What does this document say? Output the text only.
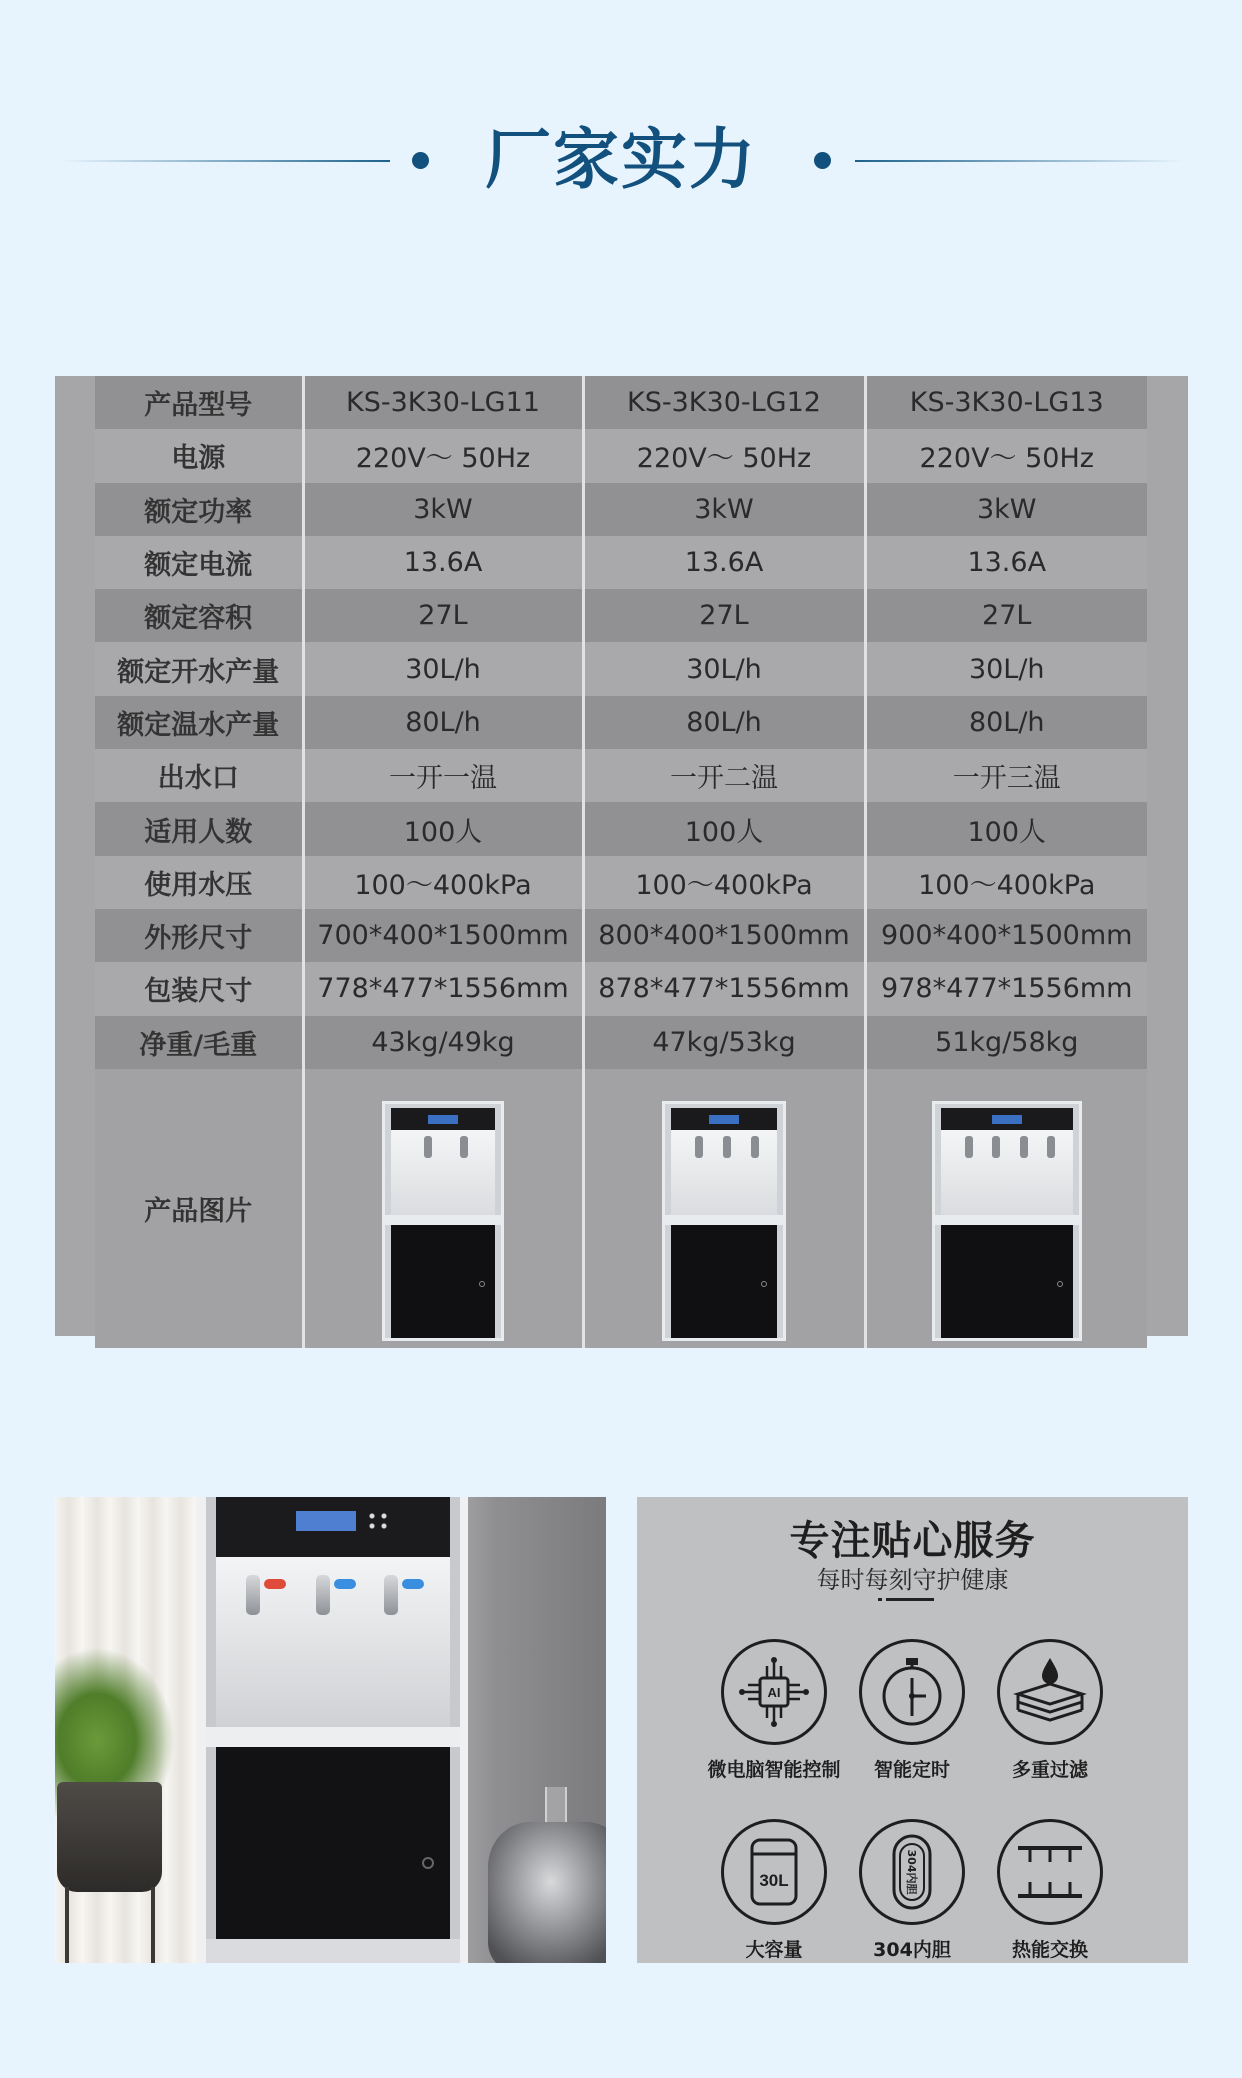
厂家实力
产品型号	KS-3K30-LG11	KS-3K30-LG12	KS-3K30-LG13
电源	220V～ 50Hz	220V～ 50Hz	220V～ 50Hz
额定功率	3kW	3kW	3kW
额定电流	13.6A	13.6A	13.6A
额定容积	27L	27L	27L
额定开水产量	30L/h	30L/h	30L/h
额定温水产量	80L/h	80L/h	80L/h
出水口	一开一温	一开二温	一开三温
适用人数	100人	100人	100人
使用水压	100～400kPa	100～400kPa	100～400kPa
外形尺寸	700*400*1500mm	800*400*1500mm	900*400*1500mm
包装尺寸	778*477*1556mm	878*477*1556mm	978*477*1556mm
净重/毛重	43kg/49kg	47kg/53kg	51kg/58kg
产品图片	

专注贴心服务
每时每刻守护健康
AI
微电脑智能控制	智能定时	多重过滤
30L
大容量
304内胆
304内胆	热能交换
